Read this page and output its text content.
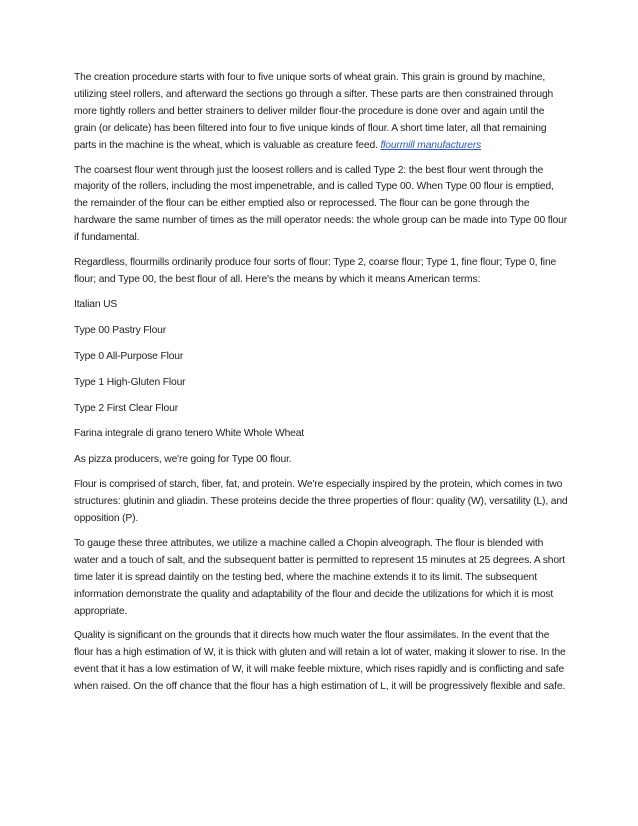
The creation procedure starts with four to five unique sorts of wheat grain. This grain is ground by machine, utilizing steel rollers, and afterward the sections go through a sifter. These parts are then constrained through more tightly rollers and better strainers to deliver milder flour-the procedure is done over and again until the grain (or delicate) has been filtered into four to five unique kinds of flour. A short time later, all that remaining parts in the machine is the wheat, which is valuable as creature feed. flourmill manufacturers

The coarsest flour went through just the loosest rollers and is called Type 2: the best flour went through the majority of the rollers, including the most impenetrable, and is called Type 00. When Type 00 flour is emptied, the remainder of the flour can be either emptied also or reprocessed. The flour can be gone through the hardware the same number of times as the mill operator needs: the whole group can be made into Type 00 flour if fundamental.

Regardless, flourmills ordinarily produce four sorts of flour: Type 2, coarse flour; Type 1, fine flour; Type 0, fine flour; and Type 00, the best flour of all. Here's the means by which it means American terms:

Italian US

Type 00 Pastry Flour

Type 0 All-Purpose Flour

Type 1 High-Gluten Flour

Type 2 First Clear Flour

Farina integrale di grano tenero White Whole Wheat

As pizza producers, we're going for Type 00 flour.

Flour is comprised of starch, fiber, fat, and protein. We're especially inspired by the protein, which comes in two structures: glutinin and gliadin. These proteins decide the three properties of flour: quality (W), versatility (L), and opposition (P).

To gauge these three attributes, we utilize a machine called a Chopin alveograph. The flour is blended with water and a touch of salt, and the subsequent batter is permitted to represent 15 minutes at 25 degrees. A short time later it is spread daintily on the testing bed, where the machine extends it to its limit. The subsequent information demonstrate the quality and adaptability of the flour and decide the utilizations for which it is most appropriate.

Quality is significant on the grounds that it directs how much water the flour assimilates. In the event that the flour has a high estimation of W, it is thick with gluten and will retain a lot of water, making it slower to rise. In the event that it has a low estimation of W, it will make feeble mixture, which rises rapidly and is conflicting and safe when raised. On the off chance that the flour has a high estimation of L, it will be progressively flexible and safe.
